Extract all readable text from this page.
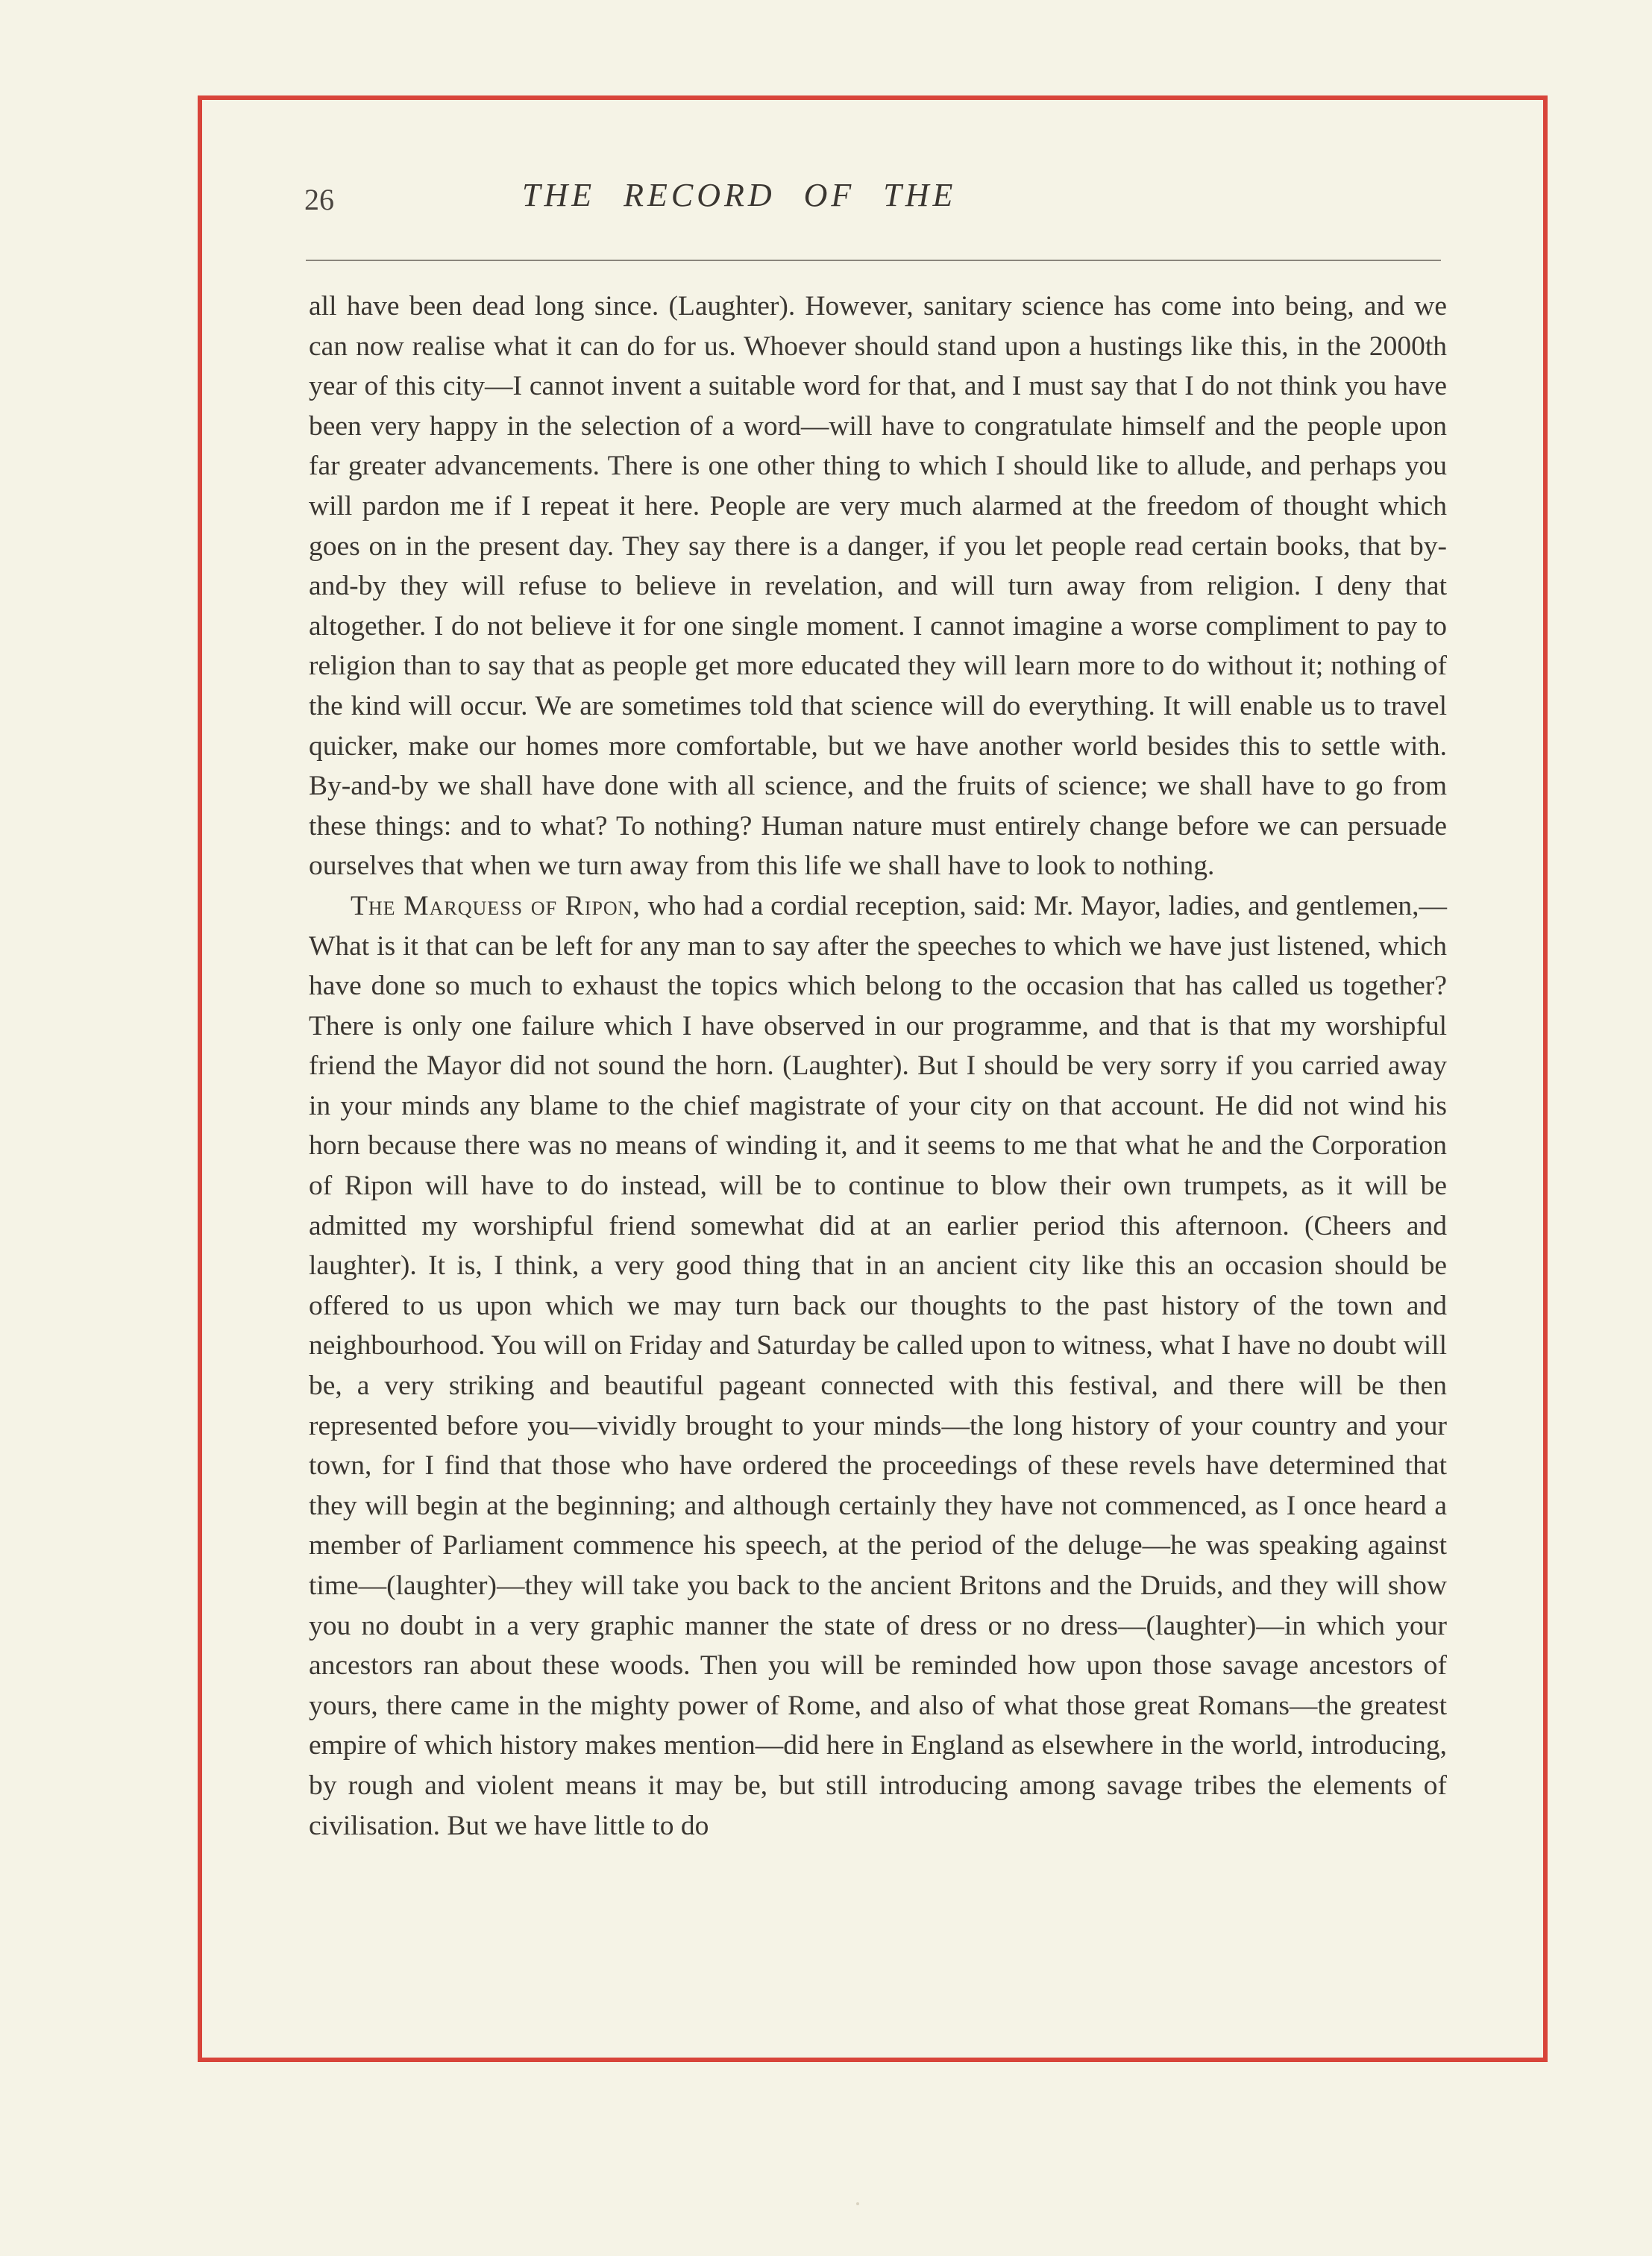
26	THE RECORD OF THE

all have been dead long since. (Laughter). However, sanitary science has come into being, and we can now realise what it can do for us. Whoever should stand upon a hustings like this, in the 2000th year of this city—I cannot invent a suitable word for that, and I must say that I do not think you have been very happy in the selection of a word—will have to congratulate himself and the people upon far greater advancements. There is one other thing to which I should like to allude, and perhaps you will pardon me if I repeat it here. People are very much alarmed at the freedom of thought which goes on in the present day. They say there is a danger, if you let people read certain books, that by-and-by they will refuse to believe in revelation, and will turn away from religion. I deny that altogether. I do not believe it for one single moment. I cannot imagine a worse compliment to pay to religion than to say that as people get more educated they will learn more to do without it; nothing of the kind will occur. We are sometimes told that science will do everything. It will enable us to travel quicker, make our homes more comfortable, but we have another world besides this to settle with. By-and-by we shall have done with all science, and the fruits of science; we shall have to go from these things: and to what? To nothing? Human nature must entirely change before we can persuade ourselves that when we turn away from this life we shall have to look to nothing.

The Marquess of Ripon, who had a cordial reception, said: Mr. Mayor, ladies, and gentlemen,—What is it that can be left for any man to say after the speeches to which we have just listened, which have done so much to exhaust the topics which belong to the occasion that has called us together? There is only one failure which I have observed in our programme, and that is that my worshipful friend the Mayor did not sound the horn. (Laughter). But I should be very sorry if you carried away in your minds any blame to the chief magistrate of your city on that account. He did not wind his horn because there was no means of winding it, and it seems to me that what he and the Corporation of Ripon will have to do instead, will be to continue to blow their own trumpets, as it will be admitted my worshipful friend somewhat did at an earlier period this afternoon. (Cheers and laughter). It is, I think, a very good thing that in an ancient city like this an occasion should be offered to us upon which we may turn back our thoughts to the past history of the town and neighbourhood. You will on Friday and Saturday be called upon to witness, what I have no doubt will be, a very striking and beautiful pageant connected with this festival, and there will be then represented before you—vividly brought to your minds—the long history of your country and your town, for I find that those who have ordered the proceedings of these revels have determined that they will begin at the beginning; and although certainly they have not commenced, as I once heard a member of Parliament commence his speech, at the period of the deluge—he was speaking against time—(laughter)—they will take you back to the ancient Britons and the Druids, and they will show you no doubt in a very graphic manner the state of dress or no dress—(laughter)—in which your ancestors ran about these woods. Then you will be reminded how upon those savage ancestors of yours, there came in the mighty power of Rome, and also of what those great Romans—the greatest empire of which history makes mention—did here in England as elsewhere in the world, introducing, by rough and violent means it may be, but still introducing among savage tribes the elements of civilisation. But we have little to do
